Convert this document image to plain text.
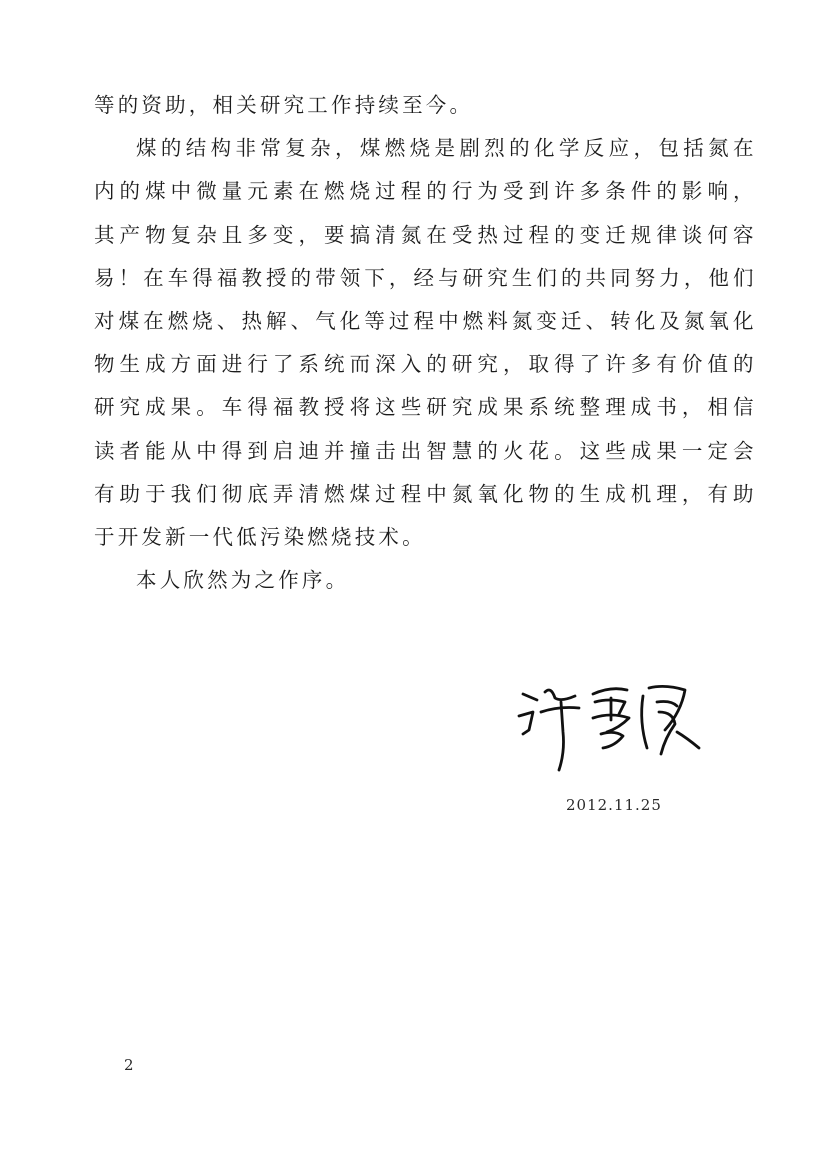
等的资助，相关研究工作持续至今。
煤的结构非常复杂，煤燃烧是剧烈的化学反应，包括氮在
内的煤中微量元素在燃烧过程的行为受到许多条件的影响，
其产物复杂且多变，要搞清氮在受热过程的变迁规律谈何容
易！在车得福教授的带领下，经与研究生们的共同努力，他们
对煤在燃烧、热解、气化等过程中燃料氮变迁、转化及氮氧化
物生成方面进行了系统而深入的研究，取得了许多有价值的
研究成果。车得福教授将这些研究成果系统整理成书，相信
读者能从中得到启迪并撞击出智慧的火花。这些成果一定会
有助于我们彻底弄清燃煤过程中氮氧化物的生成机理，有助
于开发新一代低污染燃烧技术。
本人欣然为之作序。
2012.11.25
2
